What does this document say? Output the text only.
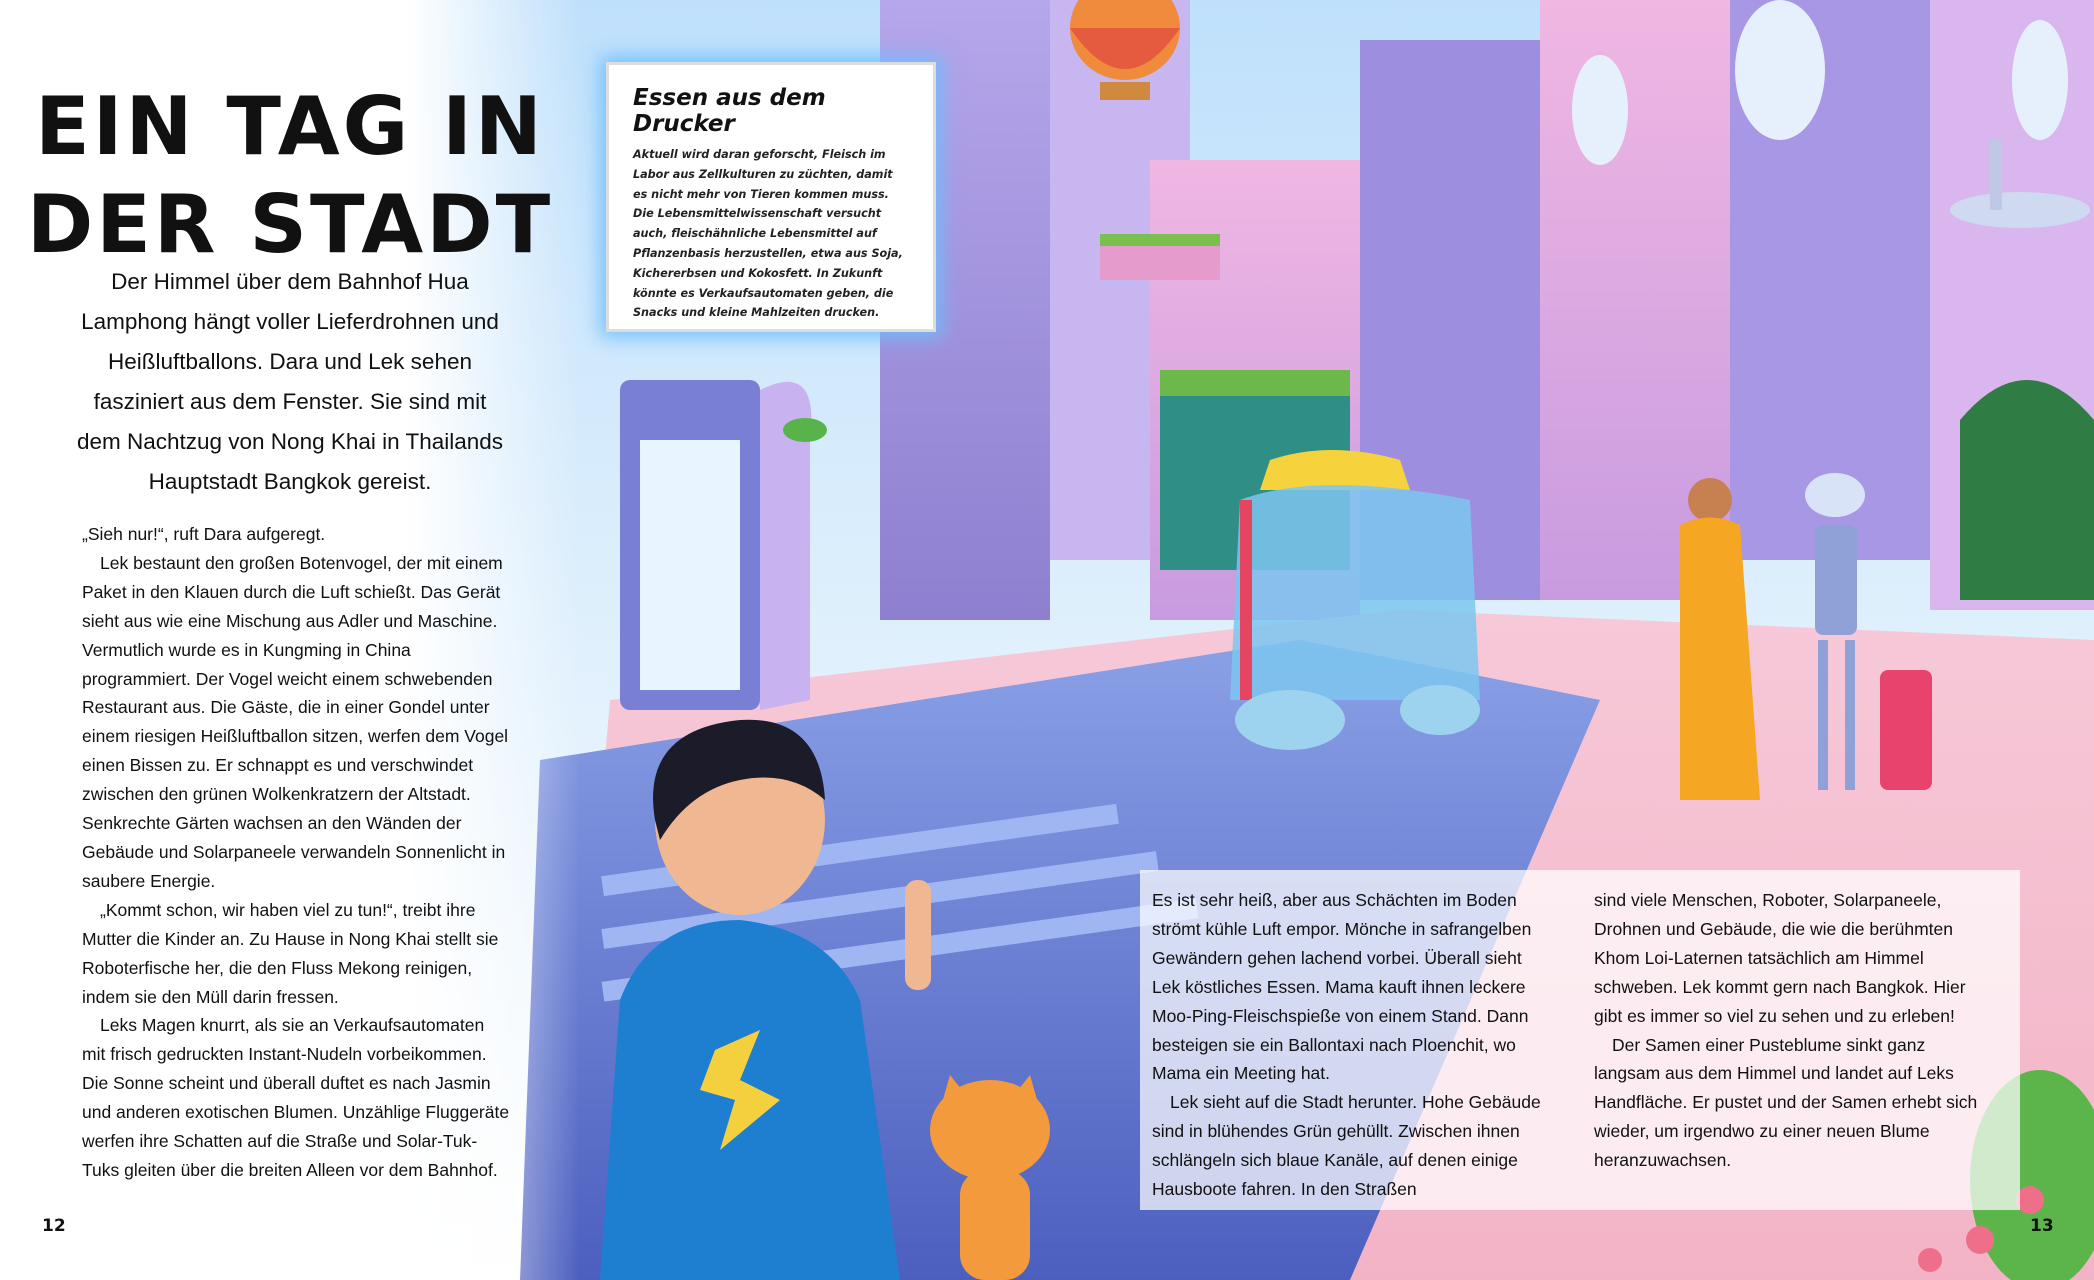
EIN TAG IN
DER STADT

Der Himmel über dem Bahnhof Hua Lamphong hängt voller Lieferdrohnen und Heißluftballons. Dara und Lek sehen fasziniert aus dem Fenster. Sie sind mit dem Nachtzug von Nong Khai in Thailands Hauptstadt Bangkok gereist.

„Sieh nur!“, ruft Dara aufgeregt.

Lek bestaunt den großen Botenvogel, der mit einem Paket in den Klauen durch die Luft schießt. Das Gerät sieht aus wie eine Mischung aus Adler und Maschine. Vermutlich wurde es in Kungming in China programmiert. Der Vogel weicht einem schwebenden Restaurant aus. Die Gäste, die in einer Gondel unter einem riesigen Heißluftballon sitzen, werfen dem Vogel einen Bissen zu. Er schnappt es und verschwindet zwischen den grünen Wolkenkratzern der Altstadt. Senkrechte Gärten wachsen an den Wänden der Gebäude und Solarpaneele verwandeln Sonnenlicht in saubere Energie.

„Kommt schon, wir haben viel zu tun!“, treibt ihre Mutter die Kinder an. Zu Hause in Nong Khai stellt sie Roboterfische her, die den Fluss Mekong reinigen, indem sie den Müll darin fressen.

Leks Magen knurrt, als sie an Verkaufsautomaten mit frisch gedruckten Instant-Nudeln vorbeikommen. Die Sonne scheint und überall duftet es nach Jasmin und anderen exotischen Blumen. Unzählige Fluggeräte werfen ihre Schatten auf die Straße und Solar-Tuk-Tuks gleiten über die breiten Alleen vor dem Bahnhof.

Essen aus dem Drucker

Aktuell wird daran geforscht, Fleisch im Labor aus Zellkulturen zu züchten, damit es nicht mehr von Tieren kommen muss. Die Lebensmittelwissenschaft versucht auch, fleischähnliche Lebensmittel auf Pflanzenbasis herzustellen, etwa aus Soja, Kichererbsen und Kokosfett. In Zukunft könnte es Verkaufsautomaten geben, die Snacks und kleine Mahlzeiten drucken.

Es ist sehr heiß, aber aus Schächten im Boden strömt kühle Luft empor. Mönche in safrangelben Gewändern gehen lachend vorbei. Überall sieht Lek köstliches Essen. Mama kauft ihnen leckere Moo-Ping-Fleischspieße von einem Stand. Dann besteigen sie ein Ballontaxi nach Ploenchit, wo Mama ein Meeting hat.

Lek sieht auf die Stadt herunter. Hohe Gebäude sind in blühendes Grün gehüllt. Zwischen ihnen schlängeln sich blaue Kanäle, auf denen einige Hausboote fahren. In den Straßen

sind viele Menschen, Roboter, Solarpaneele, Drohnen und Gebäude, die wie die berühmten Khom Loi-Laternen tatsächlich am Himmel schweben. Lek kommt gern nach Bangkok. Hier gibt es immer so viel zu sehen und zu erleben!

Der Samen einer Pusteblume sinkt ganz langsam aus dem Himmel und landet auf Leks Handfläche. Er pustet und der Samen erhebt sich wieder, um irgendwo zu einer neuen Blume heranzuwachsen.

12	13
